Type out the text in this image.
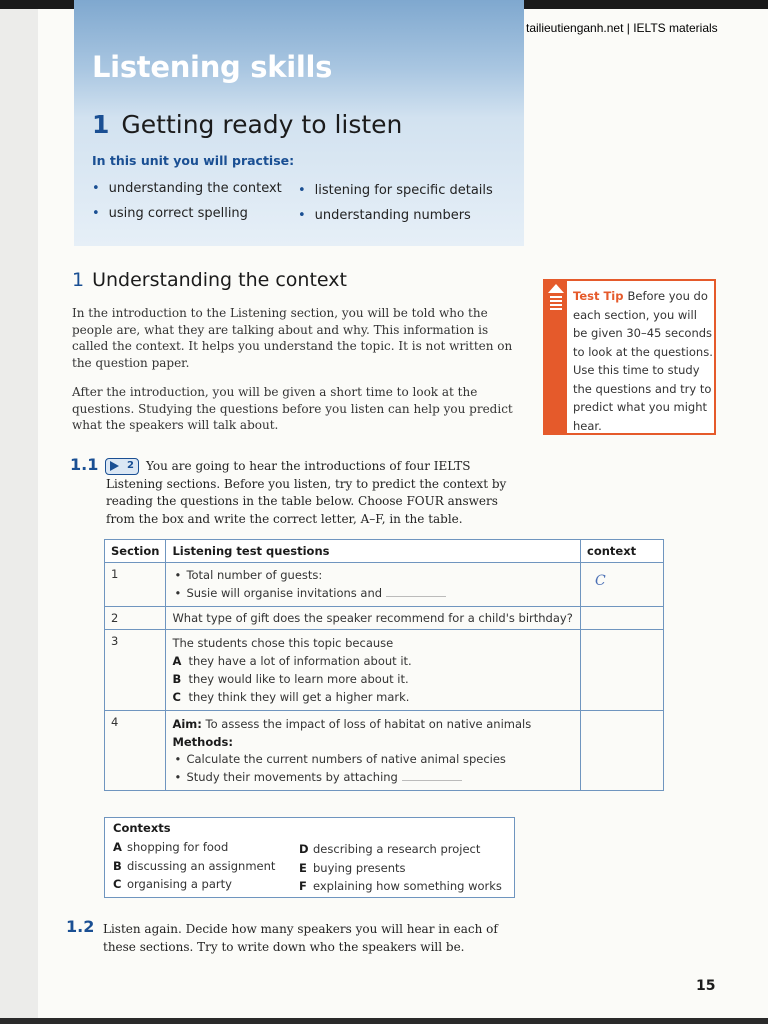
tailieutienganh.net | IELTS materials
Listening skills
1 Getting ready to listen
In this unit you will practise:
• understanding the context
• using correct spelling
• listening for specific details
• understanding numbers
1 Understanding the context
In the introduction to the Listening section, you will be told who the people are, what they are talking about and why. This information is called the context. It helps you understand the topic. It is not written on the question paper.
After the introduction, you will be given a short time to look at the questions. Studying the questions before you listen can help you predict what the speakers will talk about.
Test Tip Before you do each section, you will be given 30–45 seconds to look at the questions. Use this time to study the questions and try to predict what you might hear.
1.1	You are going to hear the introductions of four IELTS Listening sections. Before you listen, try to predict the context by reading the questions in the table below. Choose FOUR answers from the box and write the correct letter, A–F, in the table.
2
Section	Listening test questions	context
1	• Total number of guests:
• Susie will organise invitations and	C

2	What type of gift does the speaker recommend for a child's birthday?	
3	The students chose this topic because
A they have a lot of information about it.
B they would like to learn more about it.
C they think they will get a higher mark.	

4	Aim: To assess the impact of loss of habitat on native animals
Methods:
• Calculate the current numbers of native animal species
• Study their movements by attaching

Contexts
A shopping for food
B discussing an assignment
C organising a party
D describing a research project
E buying presents
F explaining how something works
1.2 Listen again. Decide how many speakers you will hear in each of these sections. Try to write down who the speakers will be.
15
